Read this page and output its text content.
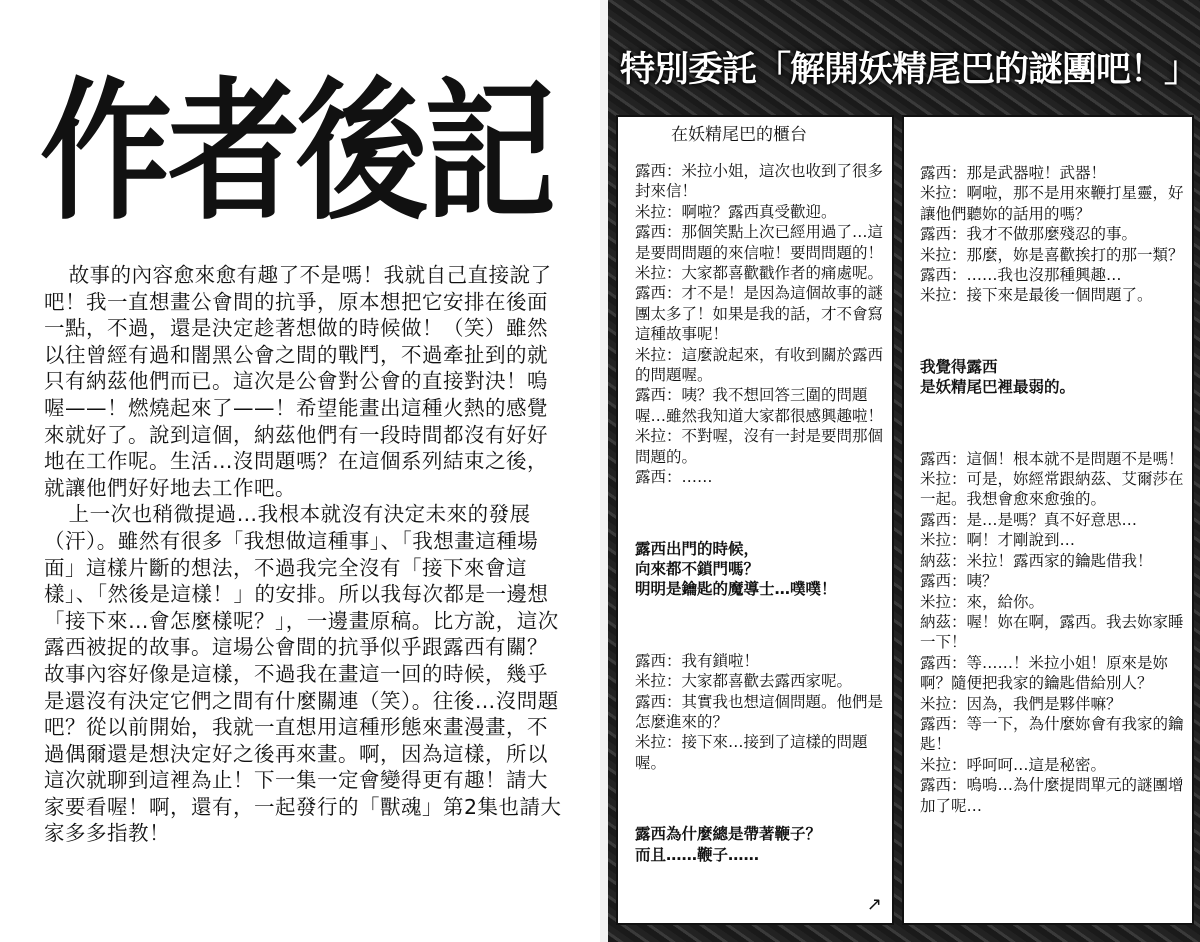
作者後記

故事的內容愈來愈有趣了不是嗎！我就自己直接說了吧！我一直想畫公會間的抗爭，原本想把它安排在後面一點，不過，還是決定趁著想做的時候做！（笑）雖然以往曾經有過和闇黑公會之間的戰鬥，不過牽扯到的就只有納茲他們而已。這次是公會對公會的直接對決！嗚喔——！燃燒起來了——！希望能畫出這種火熱的感覺來就好了。說到這個，納茲他們有一段時間都沒有好好地在工作呢。生活…沒問題嗎？在這個系列結束之後，就讓他們好好地去工作吧。

上一次也稍微提過…我根本就沒有決定未來的發展（汗）。雖然有很多「我想做這種事」、「我想畫這種場面」這樣片斷的想法，不過我完全沒有「接下來會這樣」、「然後是這樣！」的安排。所以我每次都是一邊想「接下來…會怎麼樣呢？」，一邊畫原稿。比方說，這次露西被捉的故事。這場公會間的抗爭似乎跟露西有關？故事內容好像是這樣，不過我在畫這一回的時候，幾乎是還沒有決定它們之間有什麼關連（笑）。往後…沒問題吧？從以前開始，我就一直想用這種形態來畫漫畫，不過偶爾還是想決定好之後再來畫。啊，因為這樣，所以這次就聊到這裡為止！下一集一定會變得更有趣！請大家要看喔！啊，還有，一起發行的「獸魂」第2集也請大家多多指教！

特別委託「解開妖精尾巴的謎團吧！」
在妖精尾巴的櫃台

露西：米拉小姐，這次也收到了很多封來信！

米拉：啊啦？露西真受歡迎。

露西：那個笑點上次已經用過了…這是要問問題的來信啦！要問問題的！

米拉：大家都喜歡戳作者的痛處呢。

露西：才不是！是因為這個故事的謎團太多了！如果是我的話，才不會寫這種故事呢！

米拉：這麼說起來，有收到關於露西的問題喔。

露西：咦？我不想回答三圍的問題喔…雖然我知道大家都很感興趣啦！

米拉：不對喔，沒有一封是要問那個問題的。

露西：……

露西出門的時候，

向來都不鎖門嗎？

明明是鑰匙的魔導士…噗噗！

露西：我有鎖啦！

米拉：大家都喜歡去露西家呢。

露西：其實我也想這個問題。他們是怎麼進來的？

米拉：接下來…接到了這樣的問題喔。

露西為什麼總是帶著鞭子？

而且……鞭子……

↗

露西：那是武器啦！武器！

米拉：啊啦，那不是用來鞭打星靈，好讓他們聽妳的話用的嗎？

露西：我才不做那麼殘忍的事。

米拉：那麼，妳是喜歡挨打的那一類？

露西：……我也沒那種興趣…

米拉：接下來是最後一個問題了。

我覺得露西

是妖精尾巴裡最弱的。

露西：這個！根本就不是問題不是嗎！

米拉：可是，妳經常跟納茲、艾爾莎在一起。我想會愈來愈強的。

露西：是…是嗎？真不好意思…

米拉：啊！才剛說到…

納茲：米拉！露西家的鑰匙借我！

露西：咦？

米拉：來，給你。

納茲：喔！妳在啊，露西。我去妳家睡一下！

露西：等……！米拉小姐！原來是妳啊？隨便把我家的鑰匙借給別人？

米拉：因為，我們是夥伴嘛？

露西：等一下，為什麼妳會有我家的鑰匙！

米拉：呼呵呵…這是秘密。

露西：嗚嗚…為什麼提問單元的謎團增加了呢…
